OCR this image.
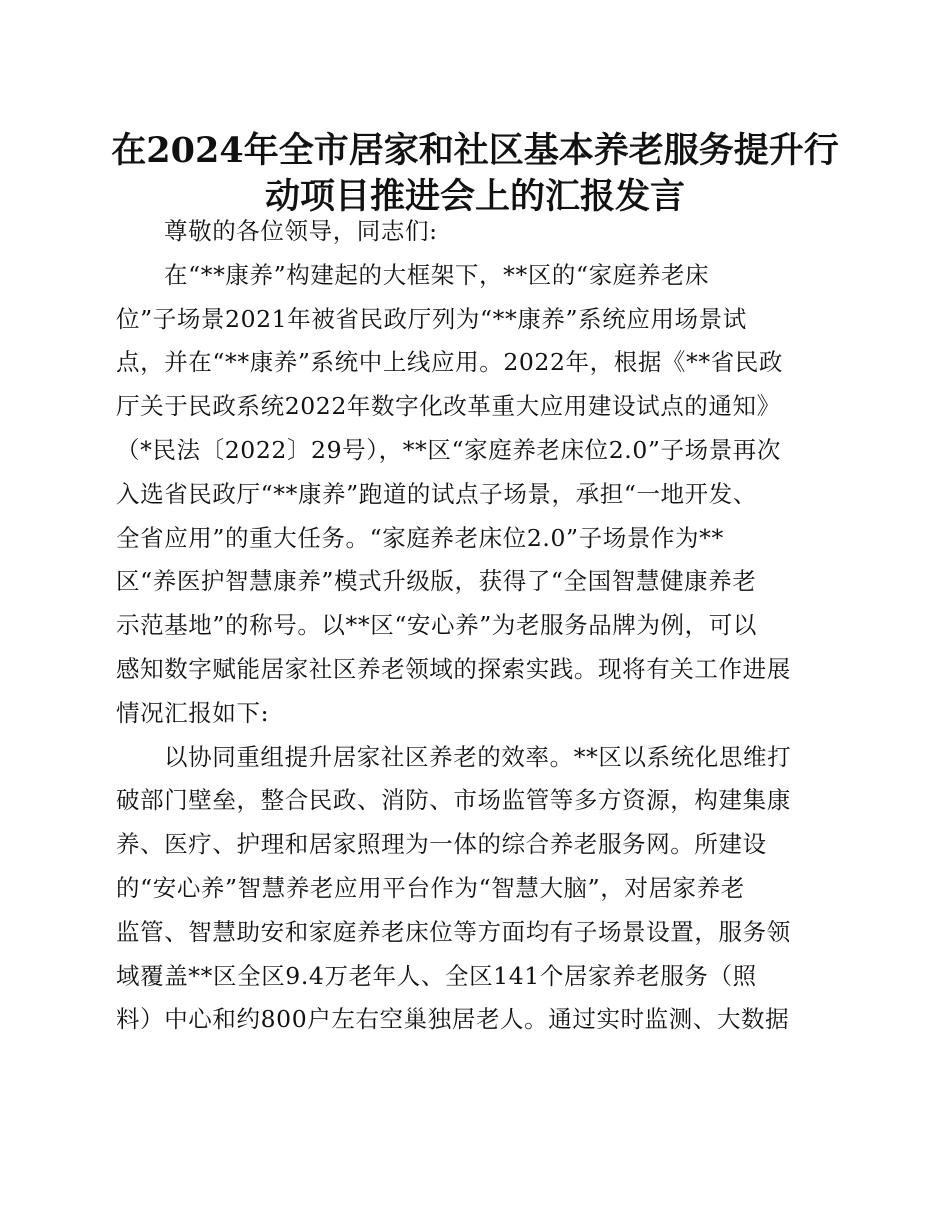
在2024年全市居家和社区基本养老服务提升行
动项目推进会上的汇报发言
尊敬的各位领导，同志们:
在“**康养”构建起的大框架下，**区的“家庭养老床
位”子场景2021年被省民政厅列为“**康养”系统应用场景试
点，并在“**康养”系统中上线应用。2022年，根据《**省民政
厅关于民政系统2022年数字化改革重大应用建设试点的通知》
（*民法〔2022〕29号），**区“家庭养老床位2.0”子场景再次
入选省民政厅“**康养”跑道的试点子场景，承担“一地开发、
全省应用”的重大任务。“家庭养老床位2.0”子场景作为**
区“养医护智慧康养”模式升级版，获得了“全国智慧健康养老
示范基地”的称号。以**区“安心养”为老服务品牌为例，可以
感知数字赋能居家社区养老领域的探索实践。现将有关工作进展
情况汇报如下:
以协同重组提升居家社区养老的效率。**区以系统化思维打
破部门壁垒，整合民政、消防、市场监管等多方资源，构建集康
养、医疗、护理和居家照理为一体的综合养老服务网。所建设
的“安心养”智慧养老应用平台作为“智慧大脑”，对居家养老
监管、智慧助安和家庭养老床位等方面均有子场景设置，服务领
域覆盖**区全区9.4万老年人、全区141个居家养老服务（照
料）中心和约800户左右空巢独居老人。通过实时监测、大数据
